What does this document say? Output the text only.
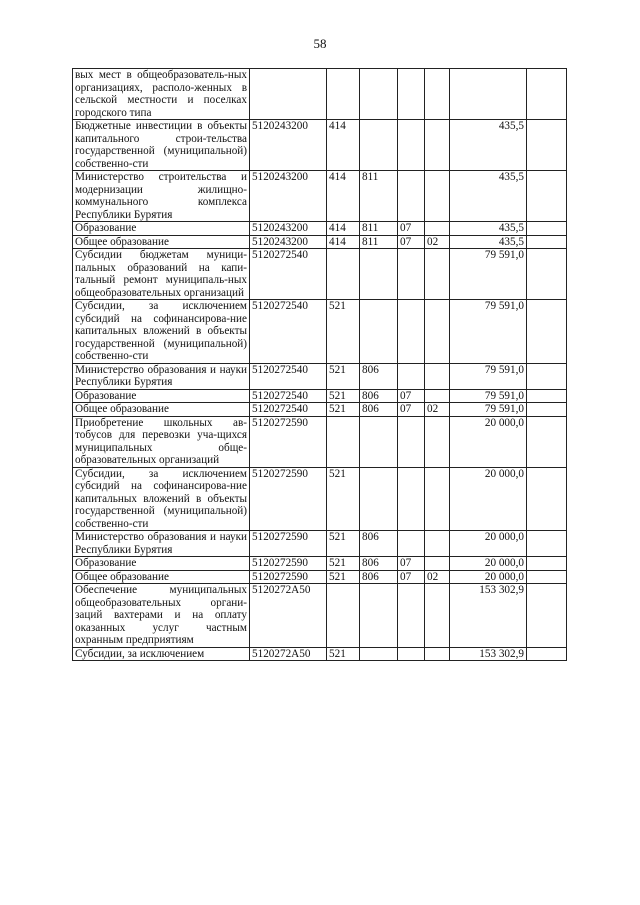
58
вых мест в общеобразователь-ных организациях, располо-женных в сельской местности и поселках городского типа							
Бюджетные инвестиции в объекты капитального строи-тельства государственной (муниципальной) собственно-сти	5120243200	414				435,5	
Министерство строительства и модернизации жилищно-коммунального комплекса Республики Бурятия	5120243200	414	811			435,5	
Образование	5120243200	414	811	07		435,5	
Общее образование	5120243200	414	811	07	02	435,5	
Субсидии бюджетам муници-пальных образований на капи-тальный ремонт муниципаль-ных общеобразовательных организаций	5120272540					79 591,0	
Субсидии, за исключением субсидий на софинансирова-ние капитальных вложений в объекты государственной (муниципальной) собственно-сти	5120272540	521				79 591,0	
Министерство образования и науки Республики Бурятия	5120272540	521	806			79 591,0	
Образование	5120272540	521	806	07		79 591,0	
Общее образование	5120272540	521	806	07	02	79 591,0	
Приобретение школьных ав-тобусов для перевозки уча-щихся муниципальных обще-образовательных организаций	5120272590					20 000,0	
Субсидии, за исключением субсидий на софинансирова-ние капитальных вложений в объекты государственной (муниципальной) собственно-сти	5120272590	521				20 000,0	
Министерство образования и науки Республики Бурятия	5120272590	521	806			20 000,0	
Образование	5120272590	521	806	07		20 000,0	
Общее образование	5120272590	521	806	07	02	20 000,0	
Обеспечение муниципальных общеобразовательных органи-заций вахтерами и на оплату оказанных услуг частным охранным предприятиям	5120272A50					153 302,9	
Субсидии, за исключением	5120272A50	521				153 302,9	
